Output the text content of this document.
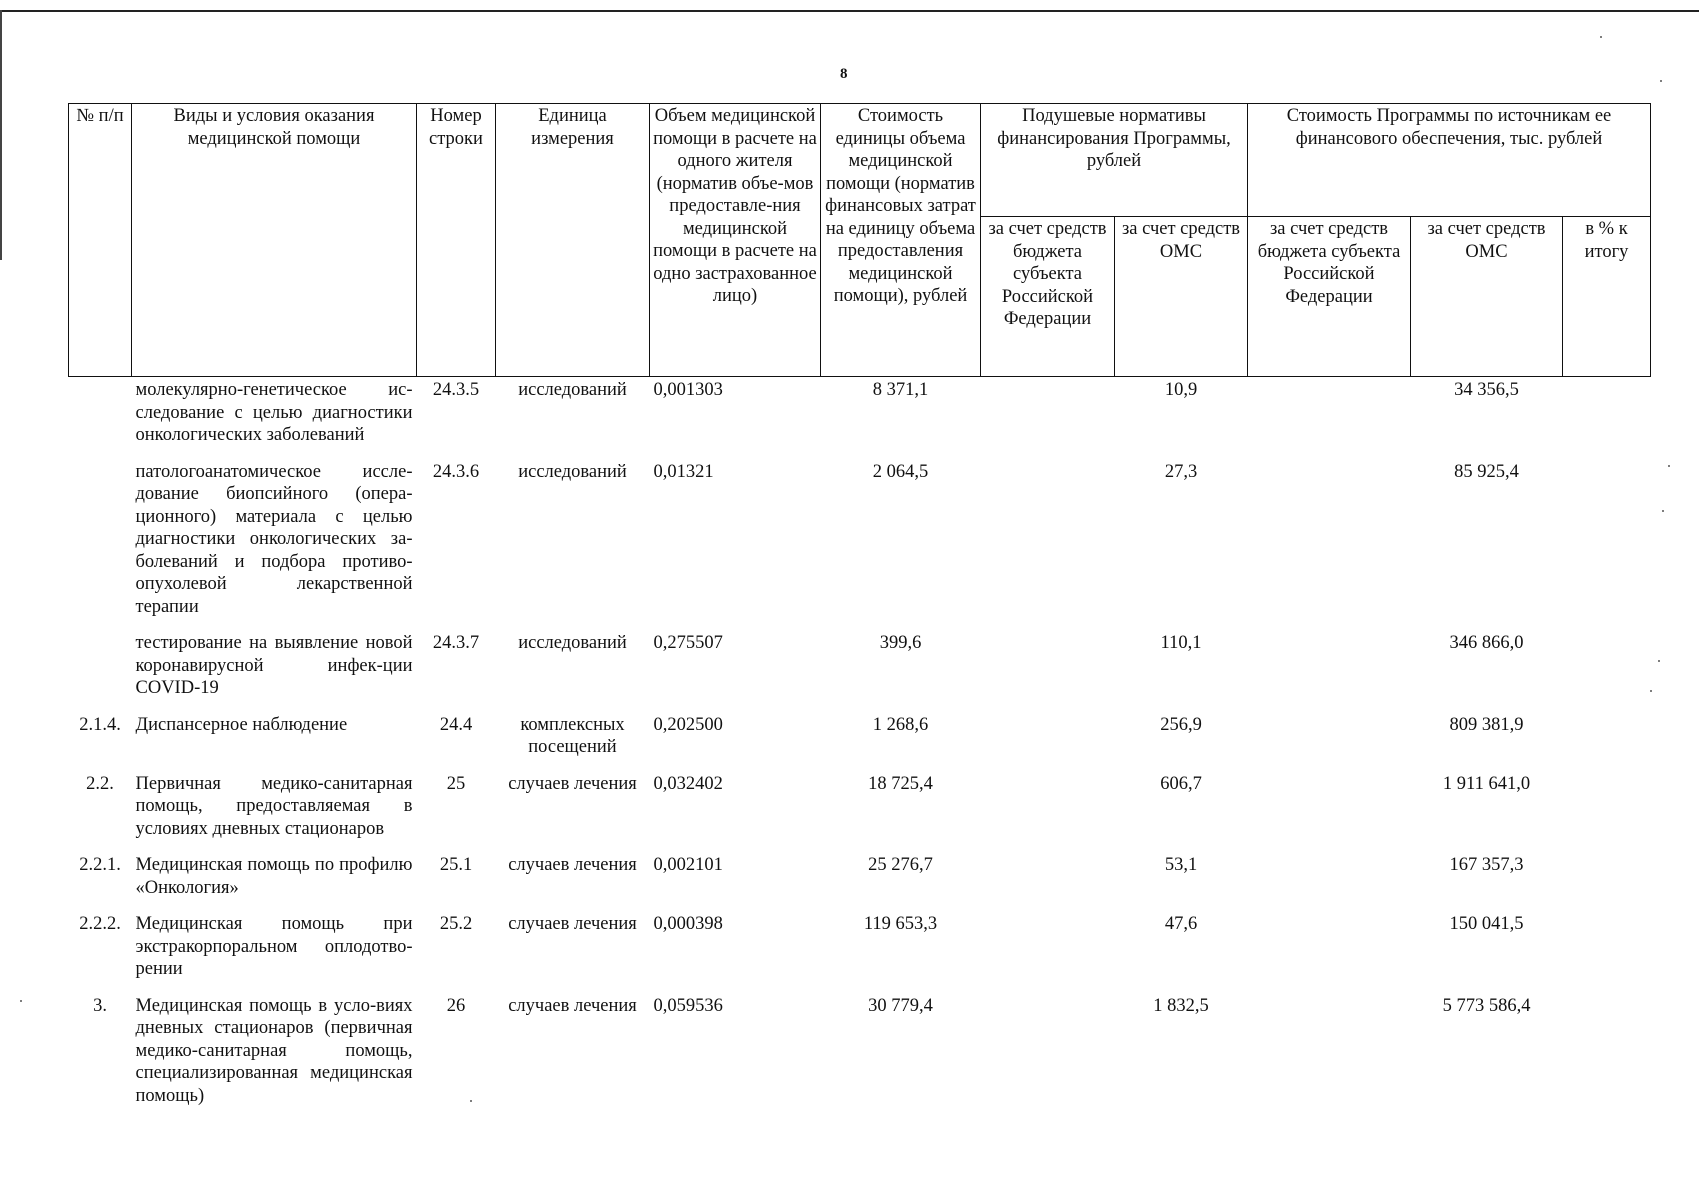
8
№ п/п	Виды и условия оказания медицинской помощи	Номер строки	Единица измерения	Объем медицинской помощи в расчете на одного жителя (норматив объе-мов предоставле-ния медицинской помощи в расчете на одно застрахованное лицо)	Стоимость единицы объема медицинской помощи (норматив финансовых затрат на единицу объема предоставления медицинской помощи), рублей	Подушевые нормативы финансирования Программы, рублей		Стоимость Программы по источникам ее финансового обеспечения, тыс. рублей		
						за счет средств бюджета субъекта Российской Федерации	за счет средств ОМС	за счет средств бюджета субъекта Российской Федерации	за счет средств ОМС	в % к итогу
	молекулярно-генетическое ис-следование с целью диагностики онкологических заболеваний	24.3.5	исследований	0,001303	8 371,1		10,9		34 356,5	
	патологоанатомическое иссле-дование биопсийного (опера-ционного) материала с целью диагностики онкологических за-болеваний и подбора противо-опухолевой лекарственной терапии	24.3.6	исследований	0,01321	2 064,5		27,3		85 925,4	
	тестирование на выявление новой коронавирусной инфек-ции COVID-19	24.3.7	исследований	0,275507	399,6		110,1		346 866,0	
2.1.4.	Диспансерное наблюдение	24.4	комплексных посещений	0,202500	1 268,6		256,9		809 381,9	
2.2.	Первичная медико-санитарная помощь, предоставляемая в условиях дневных стационаров	25	случаев лечения	0,032402	18 725,4		606,7		1 911 641,0	
2.2.1.	Медицинская помощь по профилю «Онкология»	25.1	случаев лечения	0,002101	25 276,7		53,1		167 357,3	
2.2.2.	Медицинская помощь при экстракорпоральном оплодотво-рении	25.2	случаев лечения	0,000398	119 653,3		47,6		150 041,5	
3.	Медицинская помощь в усло-виях дневных стационаров (первичная медико-санитарная помощь, специализированная медицинская помощь)	26	случаев лечения	0,059536	30 779,4		1 832,5		5 773 586,4	
